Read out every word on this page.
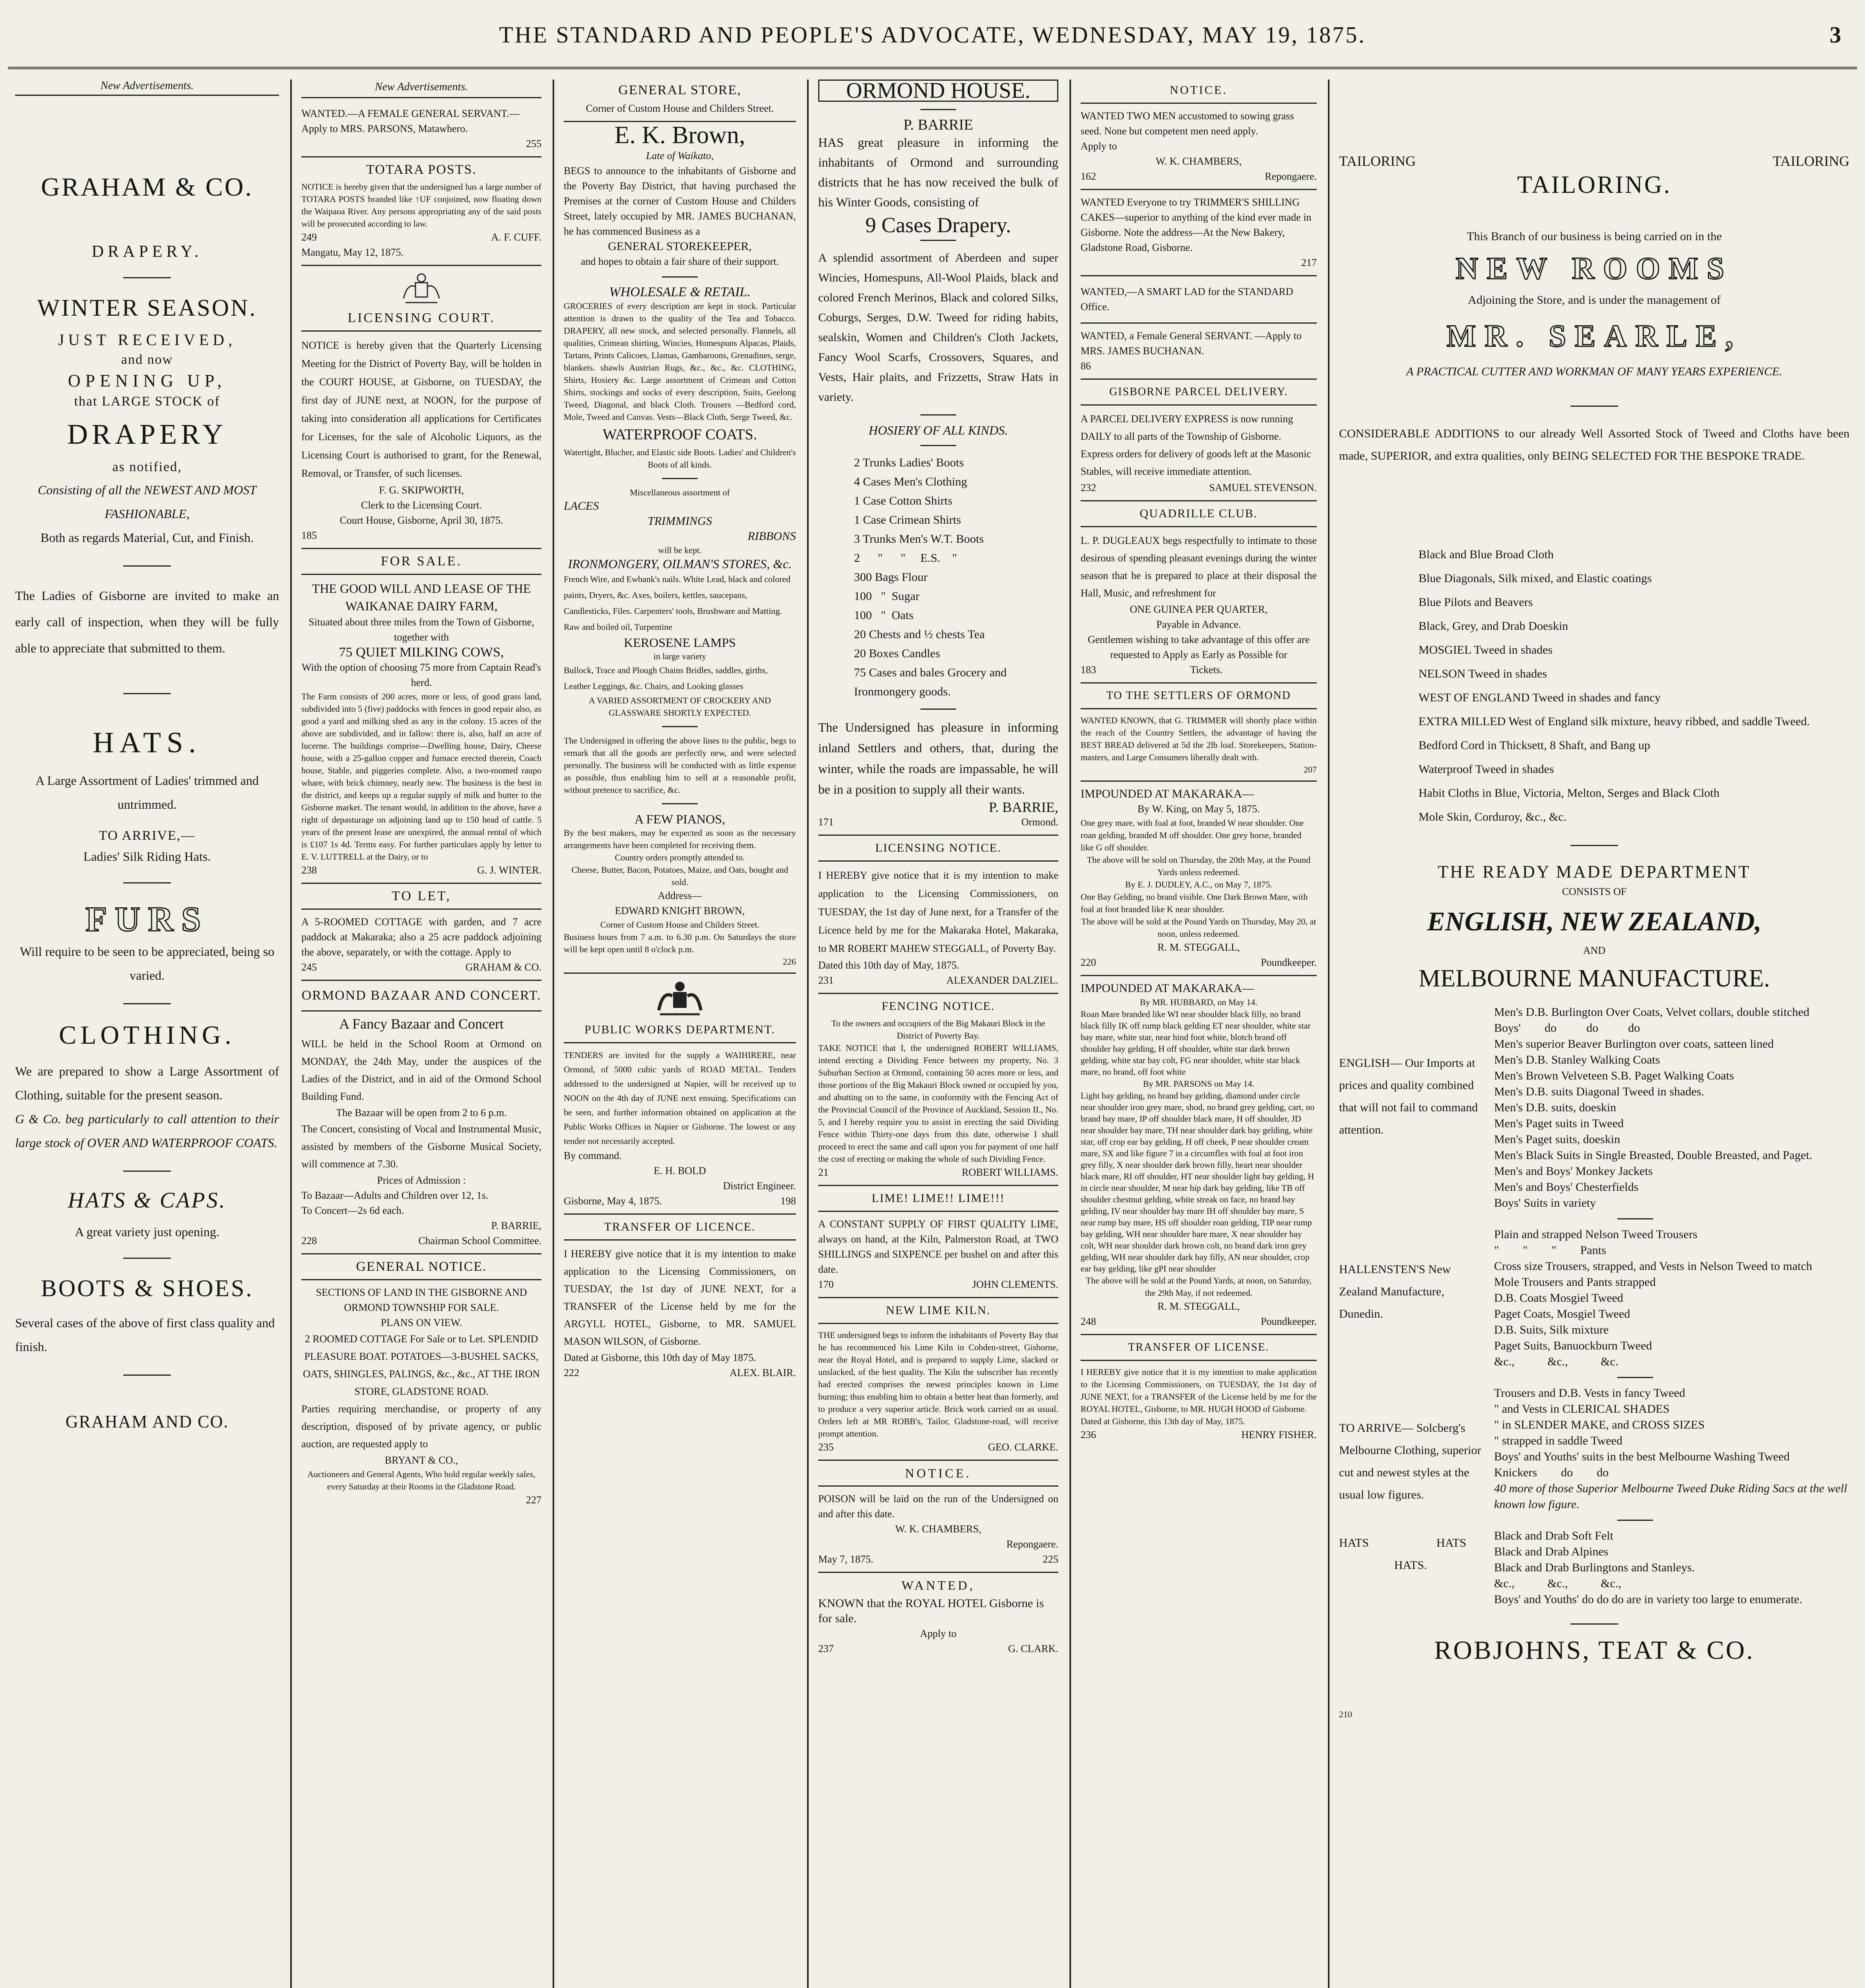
THE STANDARD AND PEOPLE'S ADVOCATE, WEDNESDAY, MAY 19, 1875.	3
New Advertisements.
GRAHAM & CO.
DRAPERY.
WINTER SEASON.
JUST RECEIVED,
and now
OPENING UP,
that LARGE STOCK of
DRAPERY
as notified,
Consisting of all the NEWEST AND MOST FASHIONABLE,
Both as regards Material, Cut, and Finish.
The Ladies of Gisborne are invited to make an early call of inspection, when they will be fully able to appreciate that submitted to them.
HATS.
A Large Assortment of Ladies' trimmed and untrimmed.
TO ARRIVE,—
Ladies' Silk Riding Hats.
FURS
Will require to be seen to be appreciated, being so varied.
CLOTHING.
We are prepared to show a Large Assortment of Clothing, suitable for the present season.
G & Co. beg particularly to call attention to their large stock of OVER AND WATERPROOF COATS.
HATS & CAPS.
A great variety just opening.
BOOTS & SHOES.
Several cases of the above of first class quality and finish.
GRAHAM AND CO.
New Advertisements.

WANTED.—A FEMALE GENERAL SERVANT.— Apply to MRS. PARSONS, Matawhero.

255
TOTARA POSTS.

NOTICE is hereby given that the undersigned has a large number of TOTARA POSTS branded like ↑UF conjoined, now floating down the Waipaoa River. Any persons appropriating any of the said posts will be prosecuted according to law.

249	A. F. CUFF.

Mangatu, May 12, 1875.

LICENSING COURT.

NOTICE is hereby given that the Quarterly Licensing Meeting for the District of Poverty Bay, will be holden in the COURT HOUSE, at Gisborne, on TUESDAY, the first day of JUNE next, at NOON, for the purpose of taking into consideration all applications for Certificates for Licenses, for the sale of Alcoholic Liquors, as the Licensing Court is authorised to grant, for the Renewal, Removal, or Transfer, of such licenses.

F. G. SKIPWORTH,
Clerk to the Licensing Court.
Court House, Gisborne, April 30, 1875.
185
FOR SALE.
THE GOOD WILL AND LEASE OF THE WAIKANAE DAIRY FARM,
Situated about three miles from the Town of Gisborne, together with
75 QUIET MILKING COWS,
With the option of choosing 75 more from Captain Read's herd.

The Farm consists of 200 acres, more or less, of good grass land, subdivided into 5 (five) paddocks with fences in good repair also, as good a yard and milking shed as any in the colony. 15 acres of the above are subdivided, and in fallow: there is, also, half an acre of lucerne. The buildings comprise—Dwelling house, Dairy, Cheese house, with a 25-gallon copper and furnace erected therein, Coach house, Stable, and piggeries complete. Also, a two-roomed raupo whare, with brick chimney, nearly new. The business is the best in the district, and keeps up a regular supply of milk and butter to the Gisborne market. The tenant would, in addition to the above, have a right of depasturage on adjoining land up to 150 head of cattle. 5 years of the present lease are unexpired, the annual rental of which is £107 1s 4d. Terms easy. For further particulars apply by letter to E. V. LUTTRELL at the Dairy, or to

238	G. J. WINTER.
TO LET,

A 5-ROOMED COTTAGE with garden, and 7 acre paddock at Makaraka; also a 25 acre paddock adjoining the above, separately, or with the cottage. Apply to

245	GRAHAM & CO.
ORMOND BAZAAR AND CONCERT.
A Fancy Bazaar and Concert

WILL be held in the School Room at Ormond on MONDAY, the 24th May, under the auspices of the Ladies of the District, and in aid of the Ormond School Building Fund.

The Bazaar will be open from 2 to 6 p.m.

The Concert, consisting of Vocal and Instrumental Music, assisted by members of the Gisborne Musical Society, will commence at 7.30.

Prices of Admission :

To Bazaar—Adults and Children over 12, 1s.

To Concert—2s 6d each.

P. BARRIE,
228	Chairman School Committee.
GENERAL NOTICE.

SECTIONS OF LAND IN THE GISBORNE AND ORMOND TOWNSHIP FOR SALE.

PLANS ON VIEW.

2 ROOMED COTTAGE For Sale or to Let. SPLENDID PLEASURE BOAT. POTATOES—3-BUSHEL SACKS, OATS, SHINGLES, PALINGS, &c., &c., AT THE IRON STORE, GLADSTONE ROAD.

Parties requiring merchandise, or property of any description, disposed of by private agency, or public auction, are requested apply to

BRYANT & CO.,
Auctioneers and General Agents, Who hold regular weekly sales, every Saturday at their Rooms in the Gladstone Road.
227
GENERAL STORE,
Corner of Custom House and Childers Street.
E. K. Brown,
Late of Waikato,

BEGS to announce to the inhabitants of Gisborne and the Poverty Bay District, that having purchased the Premises at the corner of Custom House and Childers Street, lately occupied by MR. JAMES BUCHANAN, he has commenced Business as a

GENERAL STOREKEEPER,

and hopes to obtain a fair share of their support.

WHOLESALE & RETAIL.

GROCERIES of every description are kept in stock. Particular attention is drawn to the quality of the Tea and Tobacco. DRAPERY, all new stock, and selected personally. Flannels, all qualities, Crimean shirting, Wincies, Homespuns Alpacas, Plaids, Tartans, Prints Calicoes, Llamas, Gambaroons, Grenadines, serge, blankets. shawls Austrian Rugs, &c., &c., &c. CLOTHING, Shirts, Hosiery &c. Large assortment of Crimean and Cotton Shirts, stockings and socks of every description, Suits, Geelong Tweed, Diagonal, and black Cloth. Trousers —Bedford cord, Mole, Tweed and Canvas. Vests—Black Cloth, Serge Tweed, &c.

WATERPROOF COATS.

Watertight, Blucher, and Elastic side Boots. Ladies' and Children's Boots of all kinds.

Miscellaneous assortment of

LACES
TRIMMINGS
RIBBONS
will be kept.
IRONMONGERY, OILMAN'S STORES, &c.

French Wire, and Ewbank's nails. White Lead, black and colored paints, Dryers, &c. Axes, boilers, kettles, saucepans, Candlesticks, Files. Carpenters' tools, Brushware and Matting. Raw and boiled oil, Turpentine

KEROSENE LAMPS
in large variety

Bullock, Trace and Plough Chains Bridles, saddles, girths, Leather Leggings, &c. Chairs, and Looking glasses

A VARIED ASSORTMENT OF CROCKERY AND GLASSWARE SHORTLY EXPECTED.

The Undersigned in offering the above lines to the public, begs to remark that all the goods are perfectly new, and were selected personally. The business will be conducted with as little expense as possible, thus enabling him to sell at a reasonable profit, without pretence to sacrifice, &c.

A FEW PIANOS,

By the best makers, may be expected as soon as the necessary arrangements have been completed for receiving them.

Country orders promptly attended to.

Cheese, Butter, Bacon, Potatoes, Maize, and Oats, bought and sold.

Address—
EDWARD KNIGHT BROWN,
Corner of Custom House and Childers Street.

Business hours from 7 a.m. to 6.30 p.m. On Saturdays the store will be kept open until 8 o'clock p.m.

226
PUBLIC WORKS DEPARTMENT.

TENDERS are invited for the supply a WAIHIRERE, near Ormond, of 5000 cubic yards of ROAD METAL. Tenders addressed to the undersigned at Napier, will be received up to NOON on the 4th day of JUNE next ensuing. Specifications can be seen, and further information obtained on application at the Public Works Offices in Napier or Gisborne. The lowest or any tender not necessarily accepted.

By command.

E. H. BOLD
District Engineer.
Gisborne, May 4, 1875.	198
TRANSFER OF LICENCE.

I HEREBY give notice that it is my intention to make application to the Licensing Commissioners, on TUESDAY, the 1st day of JUNE NEXT, for a TRANSFER of the License held by me for the ARGYLL HOTEL, Gisborne, to MR. SAMUEL MASON WILSON, of Gisborne.

Dated at Gisborne, this 10th day of May 1875.

222	ALEX. BLAIR.
ORMOND HOUSE.
P. BARRIE

HAS great pleasure in informing the inhabitants of Ormond and surrounding districts that he has now received the bulk of his Winter Goods, consisting of

9 Cases Drapery.

A splendid assortment of Aberdeen and super Wincies, Homespuns, All-Wool Plaids, black and colored French Merinos, Black and colored Silks, Coburgs, Serges, D.W. Tweed for riding habits, sealskin, Women and Children's Cloth Jackets, Fancy Wool Scarfs, Crossovers, Squares, and Vests, Hair plaits, and Frizzetts, Straw Hats in variety.

HOSIERY OF ALL KINDS.
2 Trunks Ladies' Boots
4 Cases Men's Clothing
1 Case Cotton Shirts
1 Case Crimean Shirts
3 Trunks Men's W.T. Boots
2      "      "     E.S.    "
300 Bags Flour
100   "  Sugar
100   "  Oats
20 Chests and ½ chests Tea
20 Boxes Candles
75 Cases and bales Grocery and Ironmongery goods.

The Undersigned has pleasure in informing inland Settlers and others, that, during the winter, while the roads are impassable, he will be in a position to supply all their wants.

P. BARRIE,
171	Ormond.
LICENSING NOTICE.

I HEREBY give notice that it is my intention to make application to the Licensing Commissioners, on TUESDAY, the 1st day of June next, for a Transfer of the Licence held by me for the Makaraka Hotel, Makaraka, to MR ROBERT MAHEW STEGGALL, of Poverty Bay.

Dated this 10th day of May, 1875.

231	ALEXANDER DALZIEL.
FENCING NOTICE.

To the owners and occupiers of the Big Makauri Block in the District of Poverty Bay.

TAKE NOTICE that I, the undersigned ROBERT WILLIAMS, intend erecting a Dividing Fence between my property, No. 3 Suburban Section at Ormond, containing 50 acres more or less, and those portions of the Big Makauri Block owned or occupied by you, and abutting on to the same, in conformity with the Fencing Act of the Provincial Council of the Province of Auckland, Session II., No. 5, and I hereby require you to assist in erecting the said Dividing Fence within Thirty-one days from this date, otherwise I shall proceed to erect the same and call upon you for payment of one half the cost of erecting or making the whole of such Dividing Fence.

21	ROBERT WILLIAMS.
LIME! LIME!! LIME!!!

A CONSTANT SUPPLY OF FIRST QUALITY LIME, always on hand, at the Kiln, Palmerston Road, at TWO SHILLINGS and SIXPENCE per bushel on and after this date.

170	JOHN CLEMENTS.
NEW LIME KILN.

THE undersigned begs to inform the inhabitants of Poverty Bay that he has recommenced his Lime Kiln in Cobden-street, Gisborne, near the Royal Hotel, and is prepared to supply Lime, slacked or unslacked, of the best quality. The Kiln the subscriber has recently had erected comprises the newest principles known in Lime burning; thus enabling him to obtain a better heat than formerly, and to produce a very superior article. Brick work carried on as usual. Orders left at MR ROBB's, Tailor, Gladstone-road, will receive prompt attention.

235	GEO. CLARKE.
NOTICE.

POISON will be laid on the run of the Undersigned on and after this date.

W. K. CHAMBERS,
Repongaere.
May 7, 1875.	225
WANTED,

KNOWN that the ROYAL HOTEL Gisborne is for sale.

Apply to
237	G. CLARK.
NOTICE.

WANTED TWO MEN accustomed to sowing grass seed. None but competent men need apply.

Apply to

W. K. CHAMBERS,
162	Repongaere.

WANTED Everyone to try TRIMMER'S SHILLING CAKES—superior to anything of the kind ever made in Gisborne. Note the address—At the New Bakery, Gladstone Road, Gisborne.

217

WANTED,—A SMART LAD for the STANDARD Office.

WANTED, a Female General SERVANT. —Apply to MRS. JAMES BUCHANAN.

86
GISBORNE PARCEL DELIVERY.

A PARCEL DELIVERY EXPRESS is now running DAILY to all parts of the Township of Gisborne.

Express orders for delivery of goods left at the Masonic Stables, will receive immediate attention.

232	SAMUEL STEVENSON.
QUADRILLE CLUB.

L. P. DUGLEAUX begs respectfully to intimate to those desirous of spending pleasant evenings during the winter season that he is prepared to place at their disposal the Hall, Music, and refreshment for

ONE GUINEA PER QUARTER,
Payable in Advance.

Gentlemen wishing to take advantage of this offer are requested to Apply as Early as Possible for

183	Tickets.
TO THE SETTLERS OF ORMOND

WANTED KNOWN, that G. TRIMMER will shortly place within the reach of the Country Settlers, the advantage of having the BEST BREAD delivered at 5d the 2lb loaf. Storekeepers, Station-masters, and Large Consumers liberally dealt with.

207
IMPOUNDED AT MAKARAKA—
By W. King, on May 5, 1875.

One grey mare, with foal at foot, branded W near shoulder. One roan gelding, branded M off shoulder. One grey horse, branded like G off shoulder.

The above will be sold on Thursday, the 20th May, at the Pound Yards unless redeemed.

By E. J. DUDLEY, A.C., on May 7, 1875.

One Bay Gelding, no brand visible. One Dark Brown Mare, with foal at foot branded like K near shoulder.

The above will be sold at the Pound Yards on Thursday, May 20, at noon, unless redeemed.

R. M. STEGGALL,
220	Poundkeeper.
IMPOUNDED AT MAKARAKA—
By MR. HUBBARD, on May 14.

Roan Mare branded like WI near shoulder black filly, no brand black filly IK off rump black gelding ET near shoulder, white star bay mare, white star, near hind foot white, blotch brand off shoulder bay gelding, H off shoulder, white star dark brown gelding, white star bay colt, FG near shoulder, white star black mare, no brand, off foot white

By MR. PARSONS on May 14.

Light bay gelding, no brand bay gelding, diamond under circle near shoulder iron grey mare, shod, no brand grey gelding, cart, no brand bay mare, IP off shoulder black mare, H off shoulder, JD near shoulder bay mare, TH near shoulder dark bay gelding, white star, off crop ear bay gelding, H off cheek, P near shoulder cream mare, SX and like figure 7 in a circumflex with foal at foot iron grey filly, X near shoulder dark brown filly, heart near shoulder black mare, RI off shoulder, HT near shoulder light bay gelding, H in circle near shoulder, M near hip dark bay gelding, like TB off shoulder chestnut gelding, white streak on face, no brand bay gelding, IV near shoulder bay mare IH off shoulder bay mare, S near rump bay mare, HS off shoulder roan gelding, TIP near rump bay gelding, WH near shoulder bare mare, X near shoulder bay colt, WH near shoulder dark brown colt, no brand dark iron grey gelding, WH near shoulder dark bay filly, AN near shoulder, crop ear bay gelding, like gPI near shoulder

The above will be sold at the Pound Yards, at noon, on Saturday, the 29th May, if not redeemed.

R. M. STEGGALL,
248	Poundkeeper.
TRANSFER OF LICENSE.

I HEREBY give notice that it is my intention to make application to the Licensing Commissioners, on TUESDAY, the 1st day of JUNE NEXT, for a TRANSFER of the License held by me for the ROYAL HOTEL, Gisborne, to MR. HUGH HOOD of Gisborne.

Dated at Gisborne, this 13th day of May, 1875.

236	HENRY FISHER.
TAILORING	TAILORING
TAILORING.
This Branch of our business is being carried on in the
NEW ROOMS
Adjoining the Store, and is under the management of
MR. SEARLE,
A PRACTICAL CUTTER AND WORKMAN OF MANY YEARS EXPERIENCE.

CONSIDERABLE ADDITIONS to our already Well Assorted Stock of Tweed and Cloths have been made, SUPERIOR, and extra qualities, only BEING SELECTED FOR THE BESPOKE TRADE.

Black and Blue Broad Cloth
Blue Diagonals, Silk mixed, and Elastic coatings
Blue Pilots and Beavers
Black, Grey, and Drab Doeskin
MOSGIEL Tweed in shades
NELSON Tweed in shades
WEST OF ENGLAND Tweed in shades and fancy
EXTRA MILLED West of England silk mixture, heavy ribbed, and saddle Tweed.
Bedford Cord in Thicksett, 8 Shaft, and Bang up
Waterproof Tweed in shades
Habit Cloths in Blue, Victoria, Melton, Serges and Black Cloth
Mole Skin, Corduroy, &c., &c.
THE READY MADE DEPARTMENT
CONSISTS OF
ENGLISH, NEW ZEALAND,
AND
MELBOURNE MANUFACTURE.
ENGLISH— Our Imports at prices and quality combined that will not fail to command attention.
Men's D.B. Burlington Over Coats, Velvet collars, double stitched
Boys'        do          do          do
Men's superior Beaver Burlington over coats, satteen lined
Men's D.B. Stanley Walking Coats
Men's Brown Velveteen S.B. Paget Walking Coats
Men's D.B. suits Diagonal Tweed in shades.
Men's D.B. suits, doeskin
Men's Paget suits in Tweed
Men's Paget suits, doeskin
Men's Black Suits in Single Breasted, Double Breasted, and Paget.
Men's and Boys' Monkey Jackets
Men's and Boys' Chesterfields
Boys' Suits in variety
HALLENSTEN'S New Zealand Manufacture, Dunedin.
Plain and strapped Nelson Tweed Trousers
"        "        "        Pants
Cross size Trousers, strapped, and Vests in Nelson Tweed to match
Mole Trousers and Pants strapped
D.B. Coats Mosgiel Tweed
Paget Coats, Mosgiel Tweed
D.B. Suits, Silk mixture
Paget Suits, Banuockburn Tweed
&c.,           &c.,           &c.
TO ARRIVE— Solcberg's Melbourne Clothing, superior cut and newest styles at the usual low figures.
Trousers and D.B. Vests in fancy Tweed
" and Vests in CLERICAL SHADES
" in SLENDER MAKE, and CROSS SIZES
" strapped in saddle Tweed
Boys' and Youths' suits in the best Melbourne Washing Tweed
Knickers        do        do
40 more of those Superior Melbourne Tweed Duke Riding Sacs at the well known low figure.
HATS	HATS
HATS.
Black and Drab Soft Felt
Black and Drab Alpines
Black and Drab Burlingtons and Stanleys.
&c.,           &c.,           &c.,
Boys' and Youths' do do do are in variety too large to enumerate.
ROBJOHNS, TEAT & CO.
210
